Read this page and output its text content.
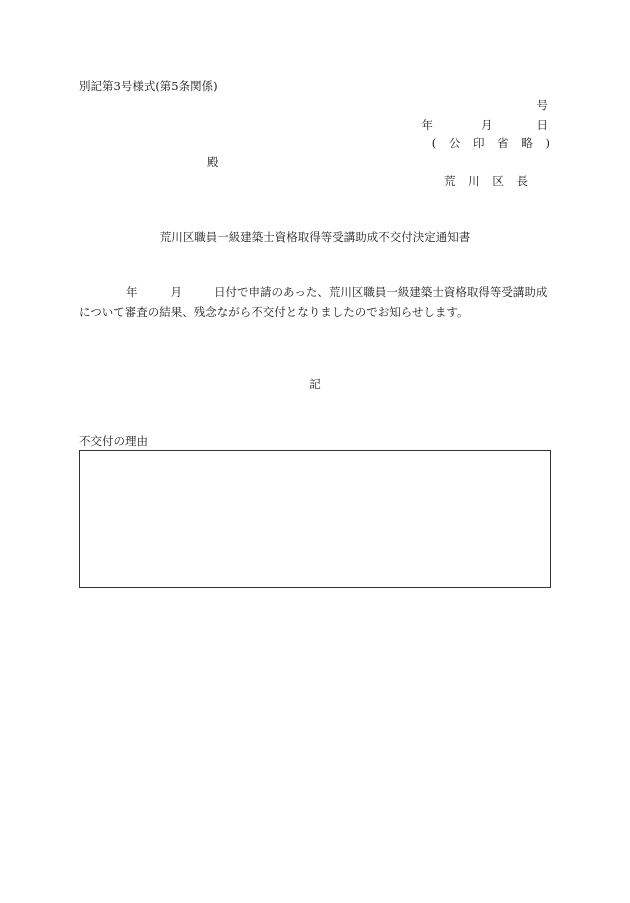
別記第3号様式(第5条関係)
号
年	月	日
( 公 印 省 略 )
殿
荒 川 区 長
荒川区職員一級建築士資格取得等受講助成不交付決定通知書
年	月	日付で申請のあった、荒川区職員一級建築士資格取得等受講助成
について審査の結果、残念ながら不交付となりましたのでお知らせします。
記
不交付の理由
